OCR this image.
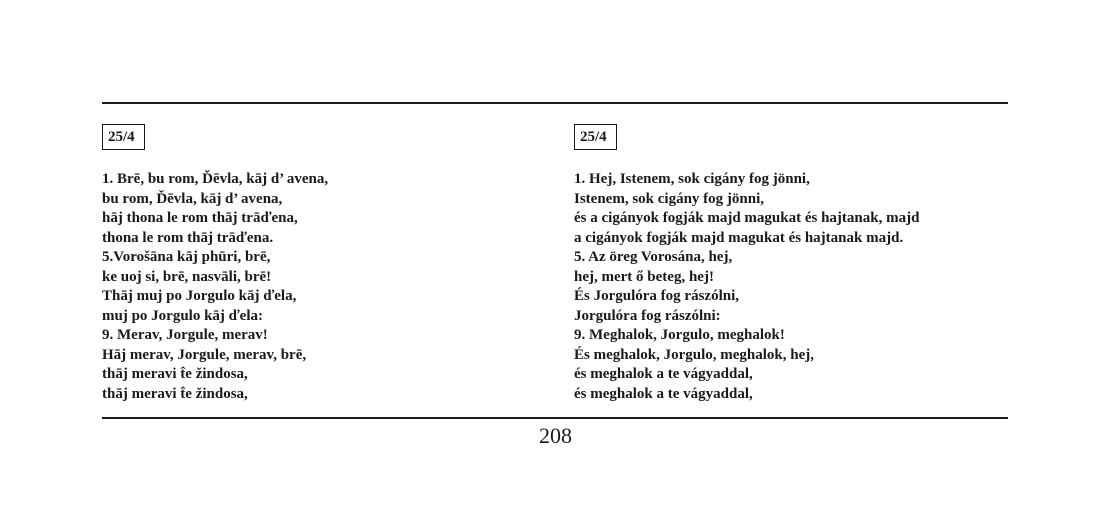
25/4
1. Brē, bu rom, Ďēvla, kāj d’ avena,
bu rom, Ďēvla, kāj d’ avena,
hāj thona le rom thāj trāďena,
thona le rom thāj trāďena.
5.Vorošāna kāj phūri, brē,
ke uoj si, brē, nasvāli, brē!
Thāj muj po Jorgulo kāj ďela,
muj po Jorgulo kāj ďela:
9. Merav, Jorgule, merav!
Hāj merav, Jorgule, merav, brē,
thāj meravi t̂e žindosa,
thāj meravi t̂e žindosa,
25/4
1. Hej, Istenem, sok cigány fog jönni,
Istenem, sok cigány fog jönni,
és a cigányok fogják majd magukat és hajtanak, majd
a cigányok fogják majd magukat és hajtanak majd.
5. Az öreg Vorosána, hej,
hej, mert ő beteg, hej!
És Jorgulóra fog rászólni,
Jorgulóra fog rászólni:
9. Meghalok, Jorgulo, meghalok!
És meghalok, Jorgulo, meghalok, hej,
és meghalok a te vágyaddal,
és meghalok a te vágyaddal,
208
